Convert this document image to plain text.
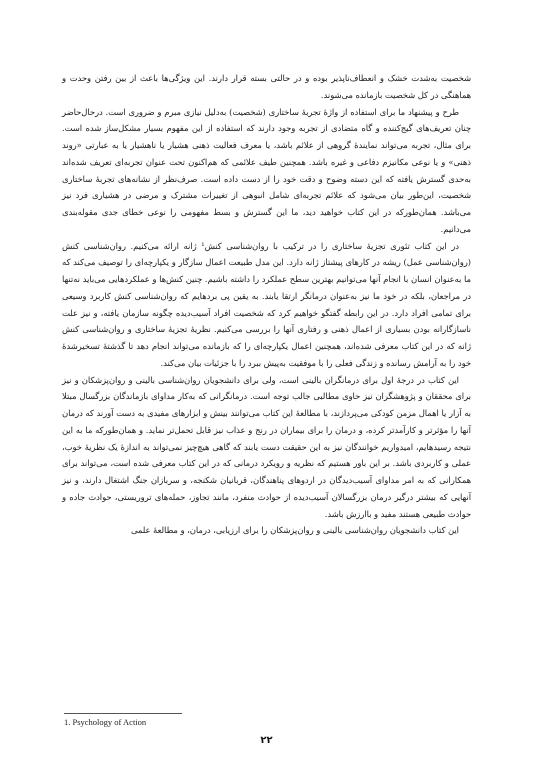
شخصیت به‌شدت خشک و انعطاف‌ناپذیر بوده و در حالتی بسته قرار دارند. این ویژگی‌ها باعث از بین رفتن وحدت و هماهنگی در کل شخصیت بازمانده می‌شوند.

طرح و پیشنهاد ما برای استفاده از واژهٔ تجربهٔ ساختاری (شخصیت) به‌دلیل نیازی مبرم و ضروری است. درحال‌حاضر چنان تعریف‌های گیج‌کننده و گاه متضادی از تجربه وجود دارند که استفاده از این مفهوم بسیار مشکل‌ساز شده است. برای مثال، تجربه می‌تواند نمایندهٔ گروهی از علائم باشد، یا معرف فعالیت ذهنی هشیار یا ناهشیار یا به عبارتی «روند ذهنی» و یا نوعی مکانیزم دفاعی و غیره باشد. همچنین طیف علائمی که هم‌اکنون تحت عنوان تجربه‌ای تعریف شده‌اند به‌حدی گسترش یافته که این دسته وضوح و دقت خود را از دست داده است. صرف‌نظر از نشانه‌های تجربهٔ ساختاری شخصیت، این‌طور بیان می‌شود که علائم تجربه‌ای شامل انبوهی از تغییرات مشترک و مرضی در هشیاری فرد نیز می‌باشد. همان‌طورکه در این کتاب خواهید دید، ما این گسترش و بسط مفهومی را نوعی خطای جدی مقوله‌بندی می‌دانیم.

در این کتاب تئوری تجزیهٔ ساختاری را در ترکیب با روان‌شناسی کنش¹ ژانه ارائه می‌کنیم. روان‌شناسی کنش (روان‌شناسی عمل) ریشه در کارهای پیشتاز ژانه دارد. این مدل طبیعت اعمال سازگار و یکپارچه‌ای را توصیف می‌کند که ما به‌عنوان انسان با انجام آنها می‌توانیم بهترین سطح عملکرد را داشته باشیم. چنین کنش‌ها و عملکردهایی می‌باید نه‌تنها در مراجعان، بلکه در خود ما نیز به‌عنوان درمانگر ارتقا یابند. به یقین پی بردهایم که روان‌شناسی کنش کاربرد وسیعی برای تمامی افراد دارد. در این رابطه گفتگو خواهیم کرد که شخصیت افراد آسیب‌دیده چگونه سازمان یافته، و نیز علت ناسازگارانه بودن بسیاری از اعمال ذهنی و رفتاری آنها را بررسی می‌کنیم. نظریهٔ تجزیهٔ ساختاری و روان‌شناسی کنش ژانه که در این کتاب معرفی شده‌اند، همچنین اعمال یکپارچه‌ای را که بازمانده می‌تواند انجام دهد تا گذشتهٔ تسخیرشدهٔ خود را به آرامش رسانده و زندگی فعلی را با موفقیت به‌پیش ببرد را با جزئیات بیان می‌کند.

این کتاب در درجهٔ اول برای درمانگران بالینی است، ولی برای دانشجویان روان‌شناسی بالینی و روان‌پزشکان و نیز برای محققان و پژوهشگران نیز حاوی مطالبی جالب توجه است. درمانگرانی که به‌کار مداوای بازماندگان بزرگسال مبتلا به آزار یا اهمال مزمن کودکی می‌پردازند، با مطالعهٔ این کتاب می‌توانند بینش و ابزارهای مفیدی به دست آورند که درمان آنها را مؤثرتر و کارآمدتر کرده، و درمان را برای بیماران در رنج و عذاب نیز قابل تحمل‌تر نماید. و همان‌طورکه ما به این نتیجه رسیدهایم، امیدواریم خوانندگان نیز به این حقیقت دست یابند که گاهی هیچ‌چیز نمی‌تواند به اندازهٔ یک نظریهٔ خوب، عملی و کاربردی باشد. بر این باور هستیم که نظریه و رویکرد درمانی که در این کتاب معرفی شده است، می‌تواند برای همکارانی که به امر مداوای آسیب‌دیدگان در اردوهای پناهندگان، قربانیان شکنجه، و سربازان جنگ اشتغال دارند، و نیز آنهایی که بیشتر درگیر درمان بزرگسالان آسیب‌دیده از حوادث منفرد، مانند تجاوز، حمله‌های تروریستی، حوادث جاده و حوادث طبیعی هستند مفید و باارزش باشد.

این کتاب دانشجویان روان‌شناسی بالینی و روان‌پزشکان را برای ارزیابی، درمان، و مطالعهٔ علمی

1. Psychology of Action
۲۲
